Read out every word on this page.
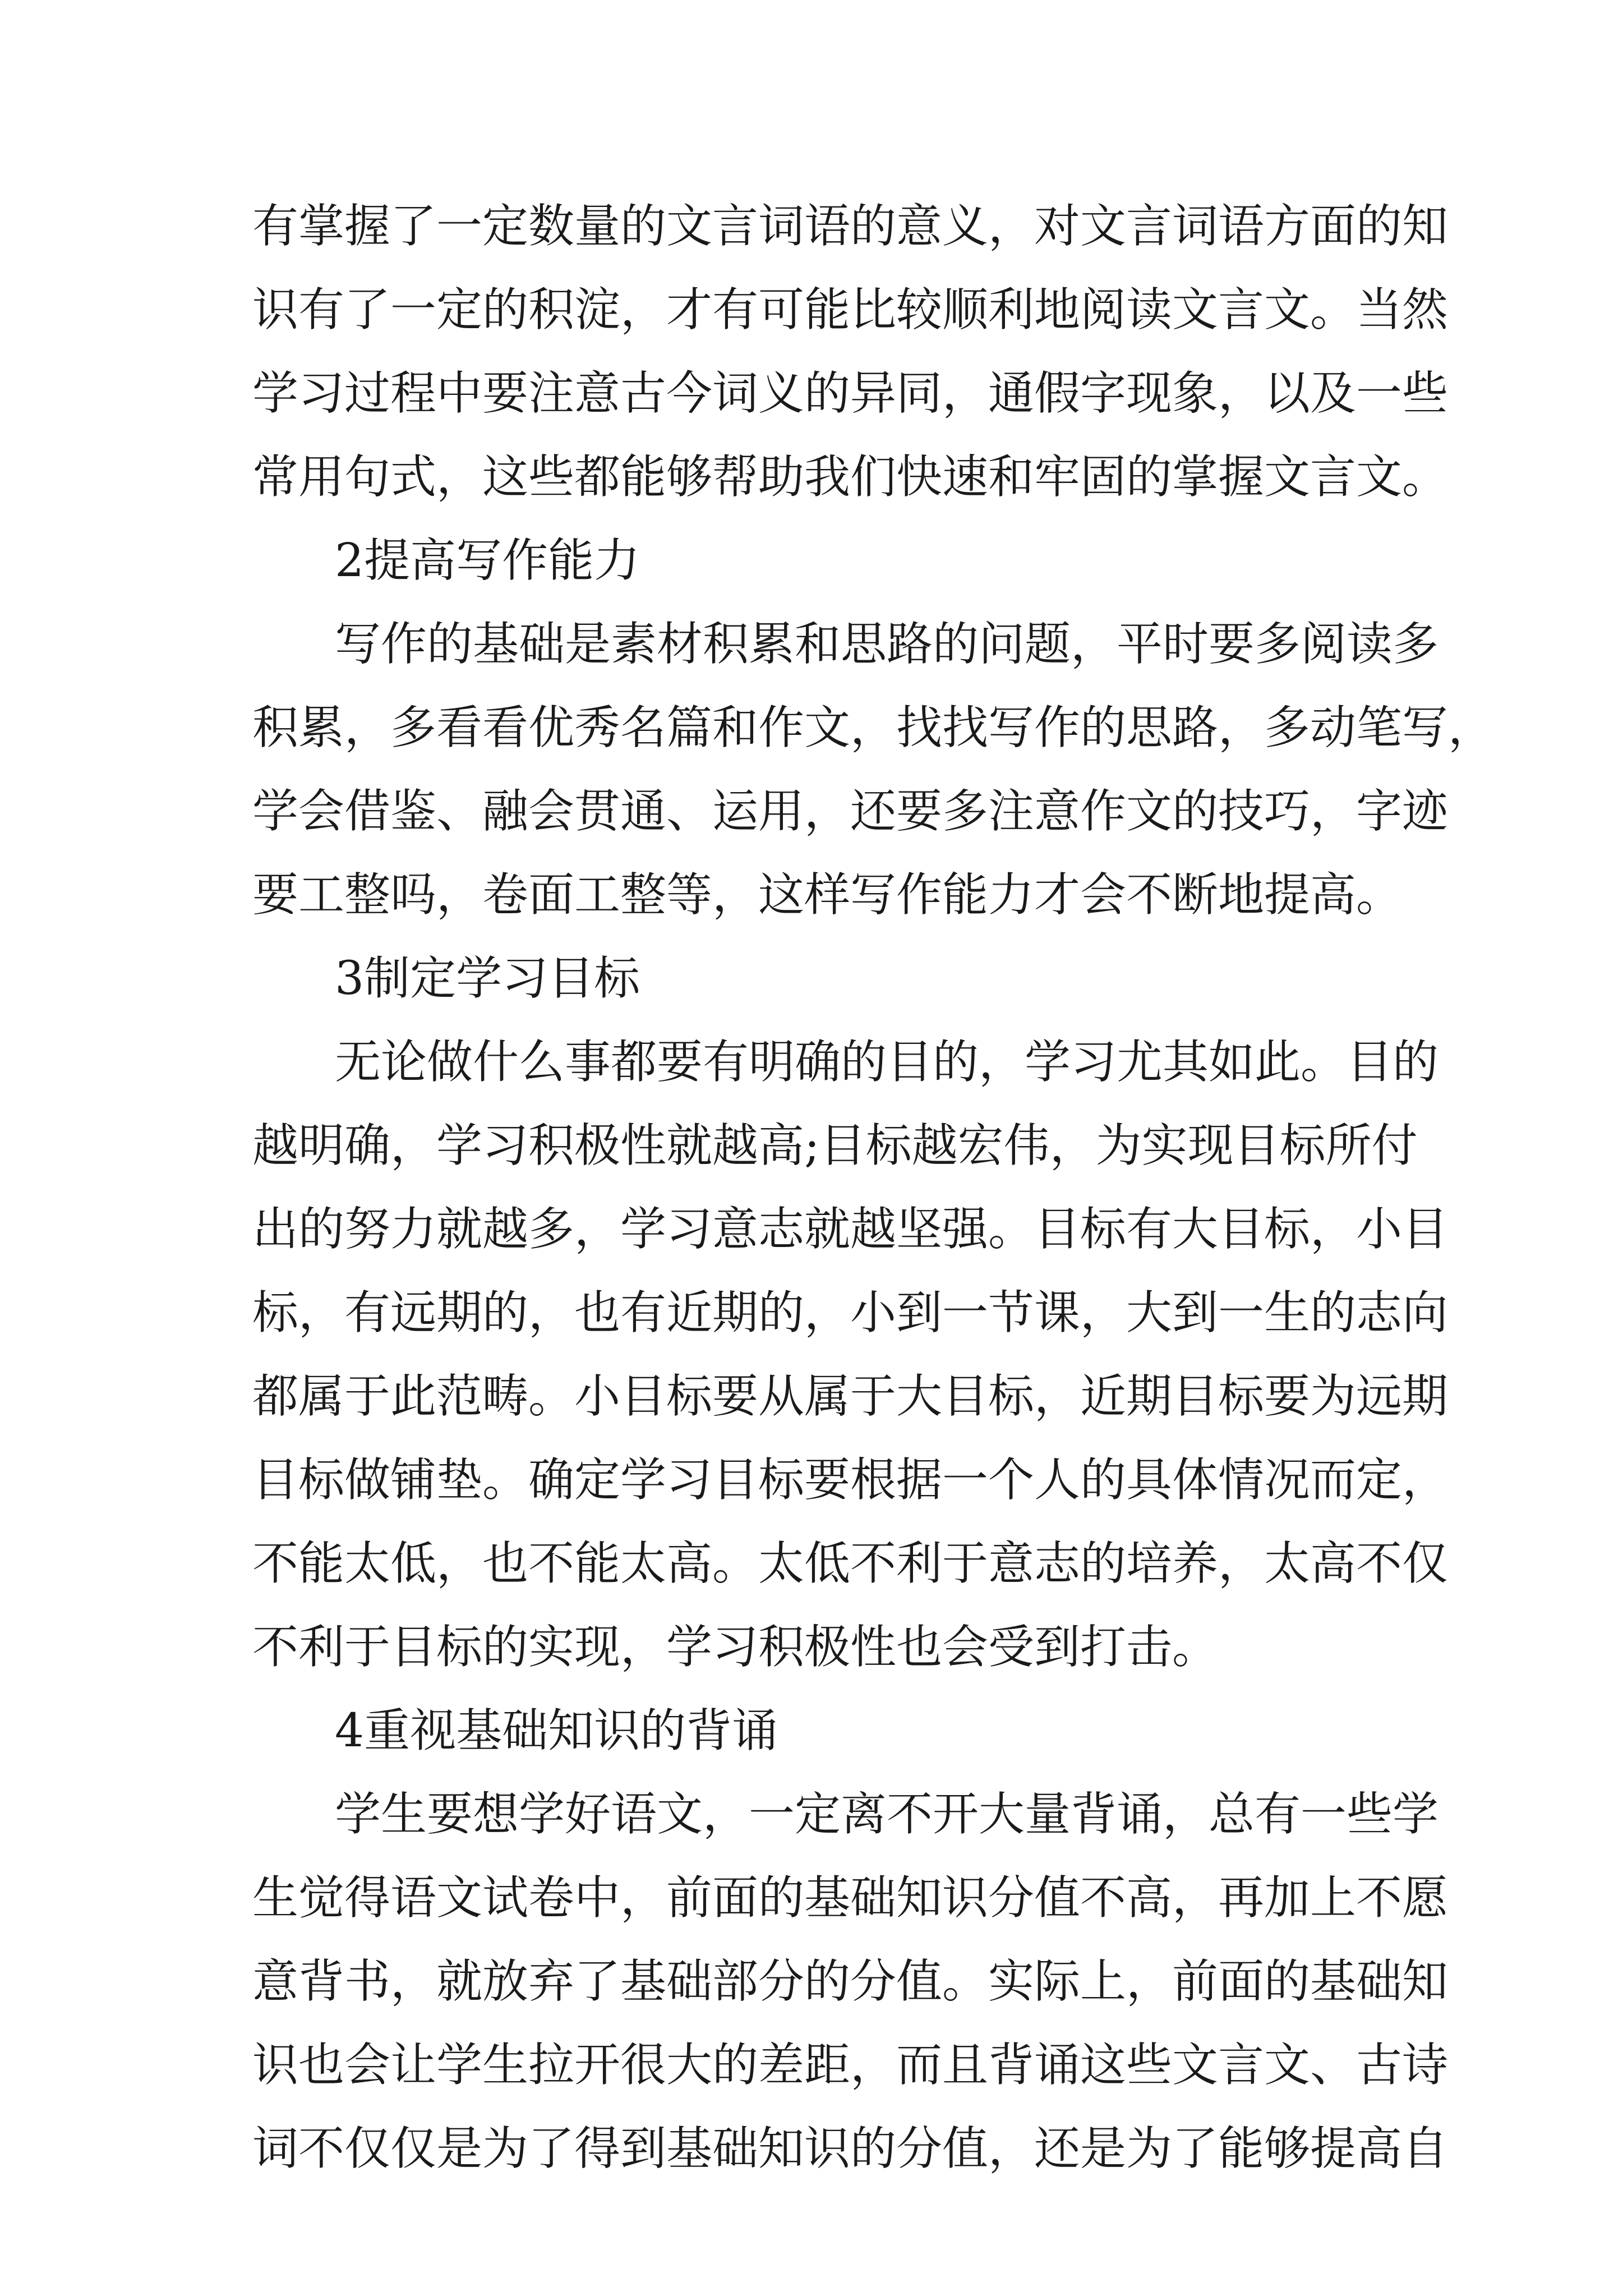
有掌握了一定数量的文言词语的意义，对文言词语方面的知
识有了一定的积淀，才有可能比较顺利地阅读文言文。当然
学习过程中要注意古今词义的异同，通假字现象，以及一些
常用句式，这些都能够帮助我们快速和牢固的掌握文言文。
2提高写作能力
写作的基础是素材积累和思路的问题，平时要多阅读多
积累，多看看优秀名篇和作文，找找写作的思路，多动笔写，
学会借鉴、融会贯通、运用，还要多注意作文的技巧，字迹
要工整吗，卷面工整等，这样写作能力才会不断地提高。
3制定学习目标
无论做什么事都要有明确的目的，学习尤其如此。目的
越明确，学习积极性就越高;目标越宏伟，为实现目标所付
出的努力就越多，学习意志就越坚强。目标有大目标，小目
标，有远期的，也有近期的，小到一节课，大到一生的志向
都属于此范畴。小目标要从属于大目标，近期目标要为远期
目标做铺垫。确定学习目标要根据一个人的具体情况而定，
不能太低，也不能太高。太低不利于意志的培养，太高不仅
不利于目标的实现，学习积极性也会受到打击。
4重视基础知识的背诵
学生要想学好语文，一定离不开大量背诵，总有一些学
生觉得语文试卷中，前面的基础知识分值不高，再加上不愿
意背书，就放弃了基础部分的分值。实际上，前面的基础知
识也会让学生拉开很大的差距，而且背诵这些文言文、古诗
词不仅仅是为了得到基础知识的分值，还是为了能够提高自
